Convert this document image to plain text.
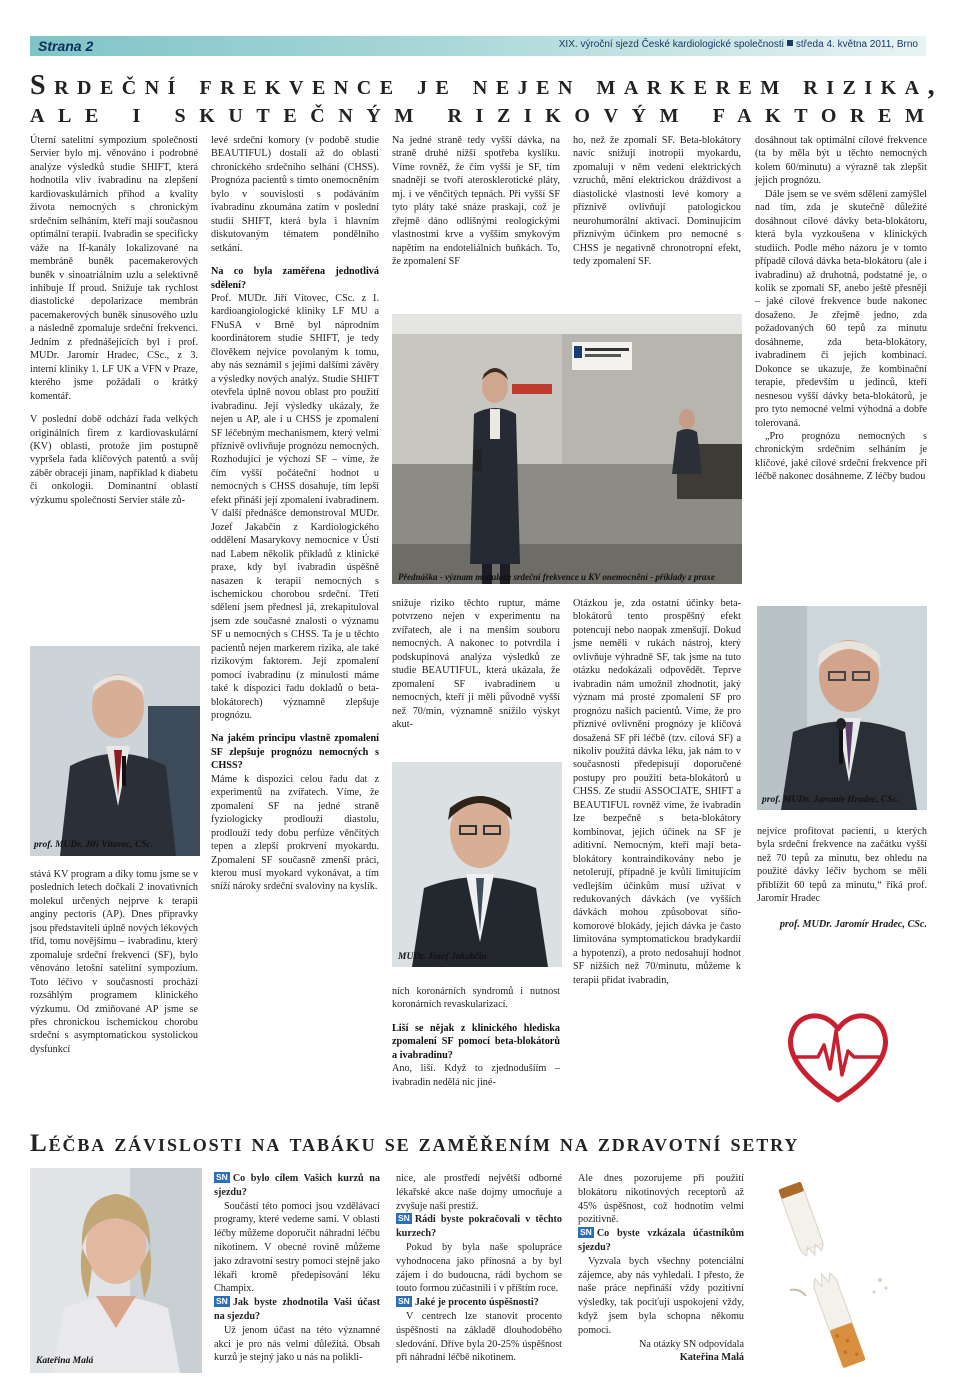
Strana 2	XIX. výroční sjezd České kardiologické společnosti středa 4. května 2011, Brno
Srdeční frekvence je nejen markerem rizika,
ale i skutečným rizikovým faktorem

Úterní satelitní sympozium společnosti Servier bylo mj. věnováno i podrobné analýze výsledků studie SHIFT, která hodnotila vliv ivabradinu na zlepšení kardiovaskulárních příhod a kvality života nemocných s chronickým srdečním selháním, kteří mají současnou optimální terapii. Ivabradin se specificky váže na If-kanály lokalizované na membráně buněk pacemakerových buněk v sinoatriálním uzlu a selektivně inhibuje If proud. Snižuje tak rychlost diastolické depolarizace membrán pacemakerových buněk sinusového uzlu a následně zpomaluje srdeční frekvenci. Jedním z přednášejících byl i prof. MUDr. Jaromír Hradec, CSc., z 3. interní kliniky 1. LF UK a VFN v Praze, kterého jsme požádali o krátký komentář.

V poslední době odchází řada velkých originálních firem z kardiovaskulární (KV) oblasti, protože jim postupně vypršela řada klíčových patentů a svůj záběr obracejí jinam, například k diabetu či onkologii. Dominantní oblastí výzkumu společnosti Servier stále zů-

prof. MUDr. Jiří Vítovec, CSc.

stává KV program a díky tomu jsme se v posledních letech dočkali 2 inovativních molekul určených nejprve k terapii anginy pectoris (AP). Dnes připravky jsou představiteli úplně nových lékových tříd, tomu novějšímu – ivabradinu, který zpomaluje srdeční frekvenci (SF), bylo věnováno letošní satelitní sympozium. Toto léčivo v současnosti prochází rozsáhlým programem klinického výzkumu. Od zmiňované AP jsme se přes chronickou ischemickou chorobu srdeční s asymptomatickou systolickou dysfunkcí

levé srdeční komory (v podobě studie BEAUTIFUL) dostali až do oblasti chronického srdečního selhání (CHSS). Prognóza pacientů s tímto onemocněním bylo v souvislosti s podáváním ivabradinu zkoumána zatím v poslední studii SHIFT, která byla i hlavním diskutovaným tématem pondělního setkání.

Na co byla zaměřena jednotlivá sdělení?

Prof. MUDr. Jiří Vítovec, CSc. z I. kardioangiologické kliniky LF MU a FNuSA v Brně byl náprodním koordinátorem studie SHIFT, je tedy člověkem nejvíce povolaným k tomu, aby nás seznámil s jejími dalšími závěry a výsledky nových analýz. Studie SHIFT otevřela úplně novou oblast pro použití ivabradinu. Její výsledky ukázaly, že nejen u AP, ale i u CHSS je zpomalení SF léčebným mechanismem, který velmi příznivě ovlivňuje prognózu nemocných. Rozhodující je výchozí SF – víme, že čím vyšší počáteční hodnot u nemocných s CHSS dosahuje, tím lepší efekt přináší její zpomalení ivabradinem. V další přednášce demonstroval MUDr. Jozef Jakabčin z Kardiologického oddělení Masarykovy nemocnice v Ústí nad Labem několik příkladů z klinické praxe, kdy byl ivabradin úspěšně nasazen k terapii nemocných s ischemickou chorobou srdeční. Třetí sdělení jsem přednesl já, zrekapituloval jsem zde současné znalosti o významu SF u nemocných s CHSS. Ta je u těchto pacientů nejen markerem rizika, ale také rizikovým faktorem. Její zpomalení pomocí ivabradinu (z minulosti máme také k dispozici řadu dokladů o beta-blokátorech) významně zlepšuje prognózu.

Na jakém principu vlastně zpomalení SF zlepšuje prognózu nemocných s CHSS?

Máme k dispozici celou řadu dat z experimentů na zvířatech. Víme, že zpomalení SF na jedné straně fyziologicky prodlouží diastolu, prodlouží tedy dobu perfúze věnčitých tepen a zlepší prokrvení myokardu. Zpomalení SF současně zmenší práci, kterou musí myokard vykonávat, a tím sníží nároky srdeční svaloviny na kyslík.

Na jedné straně tedy vyšší dávka, na straně druhé nižší spotřeba kyslíku. Víme rovněž, že čím vyšší je SF, tím snadněji se tvoří aterosklerotické pláty, mj. i ve věnčitých tepnách. Při vyšší SF tyto pláty také snáze praskají, což je zřejmě dáno odlišnými reologickými vlastnostmi krve a vyšším smykovým napětím na endoteliálních buňkách. To, že zpomalení SF

ho, než že zpomalí SF. Beta-blokátory navíc snižují inotropii myokardu, zpomalují v něm vedení elektrických vzruchů, mění elektrickou dráždivost a diastolické vlastnosti levé komory a příznivě ovlivňují patologickou neurohumorální aktivaci. Dominujícím příznivým účinkem pro nemocné s CHSS je negativně chronotropní efekt, tedy zpomalení SF.

Přednáška - význam modulace srdeční frekvence u KV onemocnění - příklady z praxe

snižuje riziko těchto ruptur, máme potvrzeno nejen v experimentu na zvířatech, ale i na menším souboru nemocných. A nakonec to potvrdila i podskupinová analýza výsledků ze studie BEAUTIFUL, která ukázala, že zpomalení SF ivabradinem u nemocných, kteří ji měli původně vyšší než 70/min, významně snížilo výskyt akut-

MUDr. Jozef Jakabčin

ních koronárních syndromů i nutnost koronárních revaskularizací.

Liší se nějak z klinického hlediska zpomalení SF pomocí beta-blokátorů a ivabradinu?

Ano, liší. Když to zjednodušíím – ivabradin nedělá nic jiné-

Otázkou je, zda ostatní účinky beta-blokátorů tento prospěšný efekt potencují nebo naopak zmenšují. Dokud jsme neměli v rukách nástroj, který ovlivňuje výhradně SF, tak jsme na tuto otázku nedokázali odpovědět. Teprve ivabradin nám umožnil zhodnotit, jaký význam má prosté zpomalení SF pro prognózu našich pacientů. Víme, že pro příznivé ovlivnění prognózy je klíčová dosažená SF při léčbě (tzv. cílová SF) a nikoliv použitá dávka léku, jak nám to v současnosti předepisují doporučené postupy pro použití beta-blokátorů u CHSS. Ze studií ASSOCIATE, SHIFT a BEAUTIFUL rovněž víme, že ivabradin lze bezpečně s beta-blokátory kombinovat, jejich účinek na SF je aditivní. Nemocným, kteří mají beta-blokátory kontraindikovány nebo je netolerují, případně je kvůli limitujícím vedlejším účinkům musí užívat v redukovaných dávkách (ve vyšších dávkách mohou způsobovat síňo-komorové blokády, jejich dávka je často limitována symptomatickou bradykardií a hypotenzí), a proto nedosahují hodnot SF nižších než 70/minutu, můžeme k terapii přidat ivabradin,

dosáhnout tak optimální cílové frekvence (ta by měla být u těchto nemocných kolem 60/minutu) a výrazně tak zlepšit jejich prognózu.

Dále jsem se ve svém sdělení zamýšlel nad tím, zda je skutečně důležité dosáhnout cílové dávky beta-blokátoru, která byla vyzkoušena v klinických studiích. Podle mého názoru je v tomto případě cílová dávka beta-blokátoru (ale i ivabradinu) až druhotná, podstatné je, o kolik se zpomalí SF, anebo ještě přesněji – jaké cílové frekvence bude nakonec dosaženo. Je zřejmě jedno, zda požadovaných 60 tepů za minutu dosáhneme, zda beta-blokátory, ivabradinem či jejich kombinací. Dokonce se ukazuje, že kombinační terapie, především u jedinců, kteří nesnesou vyšší dávky beta-blokátorů, je pro tyto nemocné velmi výhodná a dobře tolerovaná.

„Pro prognózu nemocných s chronickým srdečním selháním je klíčové, jaké cílové srdeční frekvence při léčbě nakonec dosáhneme. Z léčby budou

prof. MUDr. Jaromír Hradec, CSc.

nejvíce profitovat pacienti, u kterých byla srdeční frekvence na začátku vyšší než 70 tepů za minutu, bez ohledu na použité dávky léčiv bychom se měli přiblížit 60 tepů za minutu,“ říká prof. Jaromír Hradec

prof. MUDr. Jaromír Hradec, CSc.

Léčba závislosti na tabáku se zaměřením na zdravotní setry
Kateřina Malá

SN Co bylo cílem Vašich kurzů na sjezdu?

Součástí této pomoci jsou vzdělávací programy, které vedeme sami. V oblasti léčby můžeme doporučit náhradní léčbu nikotinem. V obecné rovině můžeme jako zdravotní sestry pomoci stejně jako lékaři kromě předepisování léku Champix.

SN Jak byste zhodnotila Vaši účast na sjezdu?

Už jenom účast na této významné akci je pro nás velmi důležitá. Obsah kurzů je stejný jako u nás na polikli-

nice, ale prostředí největší odborné lékařské akce naše dojmy umocňuje a zvyšuje naši prestiž.

SN Rádi byste pokračovali v těchto kurzech?

Pokud by byla naše spolupráce vyhodnocena jako přínosná a by byl zájem i do budoucna, rádi bychom se touto formou zúčastnili i v příštím roce.

SN Jaké je procento úspěšnosti?

V centrech lze stanovit procento úspěšnosti na základě dlouhodobého sledování. Dříve byla 20-25% úspěšnost při náhradní léčbě nikotinem.

Ale dnes pozorujeme při použití blokátoru nikotinových receptorů až 45% úspěšnost, což hodnotím velmi pozitivně.

SN Co byste vzkázala účastníkům sjezdu?

Vyzvala bych všechny potenciální zájemce, aby nás vyhledali. I přesto, že naše práce nepřináší vždy pozitivní výsledky, tak pociťuji uspokojení vždy, když jsem byla schopna někomu pomoci.

Na otázky SN odpovídala

Kateřina Malá
